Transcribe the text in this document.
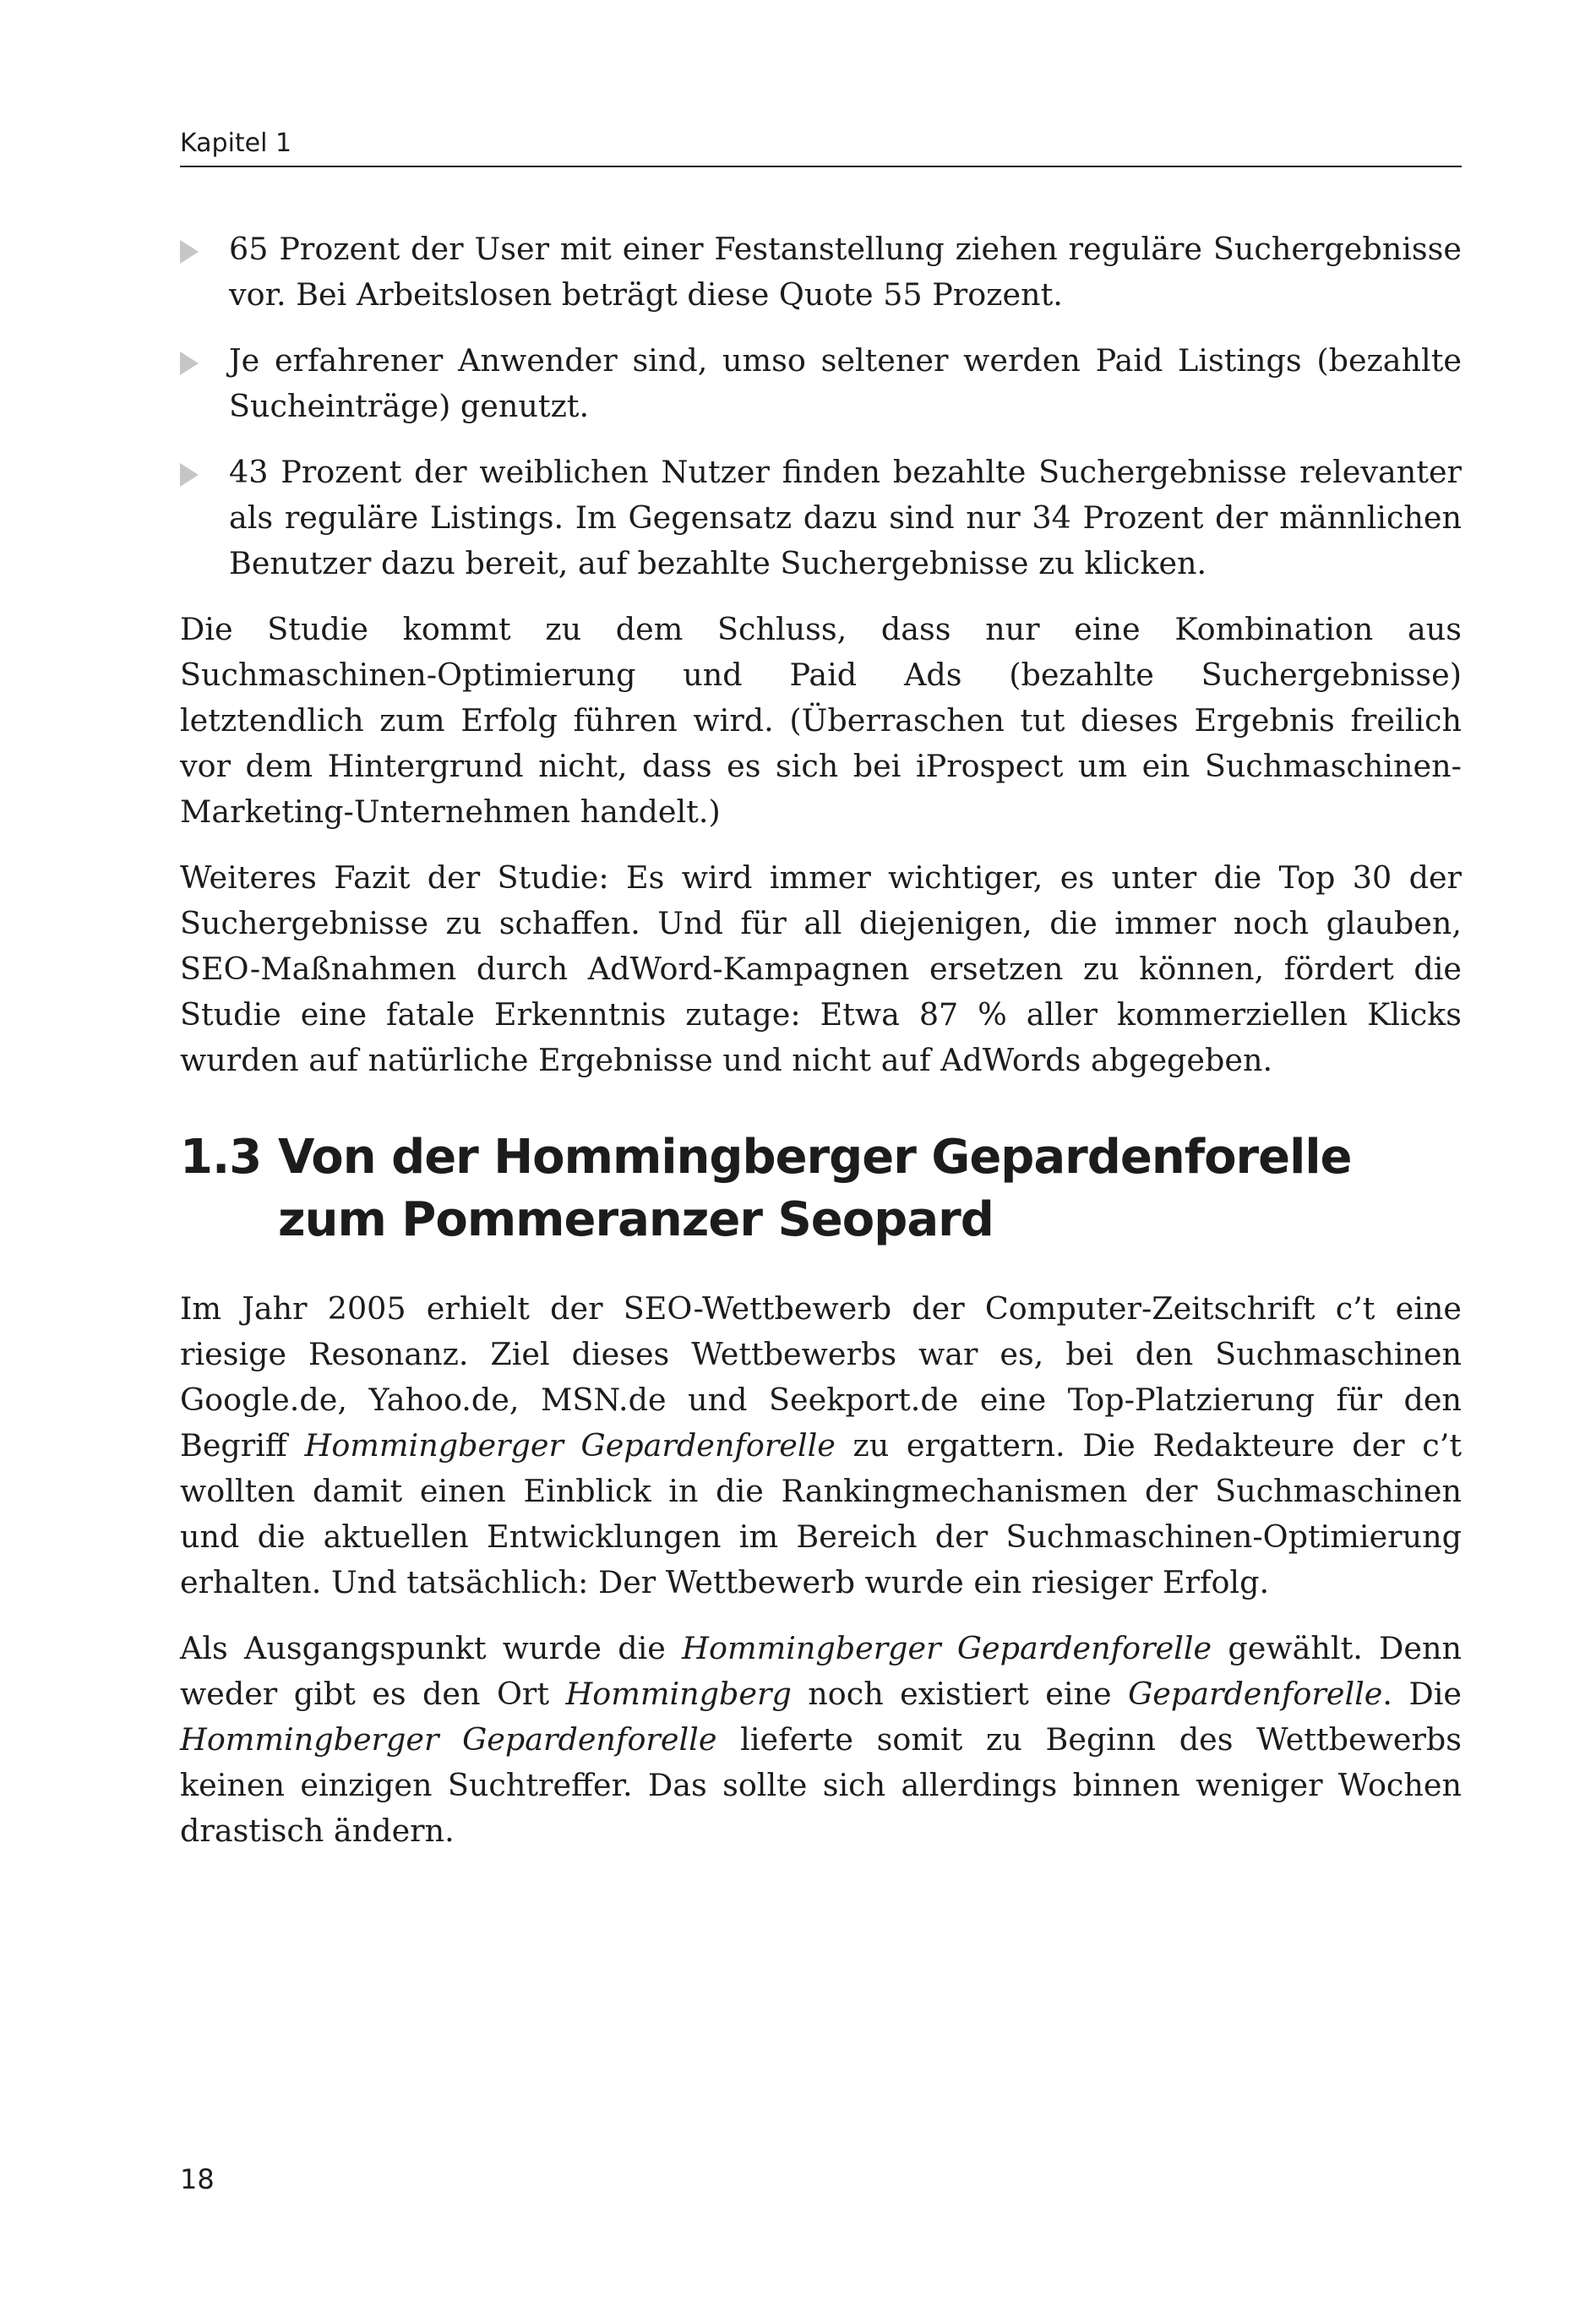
Kapitel 1
65 Prozent der User mit einer Festanstellung ziehen reguläre Suchergebnisse vor. Bei Arbeitslosen beträgt diese Quote 55 Prozent.
Je erfahrener Anwender sind, umso seltener werden Paid Listings (bezahlte Sucheinträge) genutzt.
43 Prozent der weiblichen Nutzer finden bezahlte Suchergebnisse relevanter als reguläre Listings. Im Gegensatz dazu sind nur 34 Prozent der männlichen Benutzer dazu bereit, auf bezahlte Suchergebnisse zu klicken.

Die Studie kommt zu dem Schluss, dass nur eine Kombination aus Suchmaschinen-Optimierung und Paid Ads (bezahlte Suchergebnisse) letztendlich zum Erfolg führen wird. (Überraschen tut dieses Ergebnis freilich vor dem Hintergrund nicht, dass es sich bei iProspect um ein Suchmaschinen-Marketing-Unternehmen handelt.)

Weiteres Fazit der Studie: Es wird immer wichtiger, es unter die Top 30 der Suchergebnisse zu schaffen. Und für all diejenigen, die immer noch glauben, SEO-Maßnahmen durch AdWord-Kampagnen ersetzen zu können, fördert die Studie eine fatale Erkenntnis zutage: Etwa 87 % aller kommerziellen Klicks wurden auf natürliche Ergebnisse und nicht auf AdWords abgegeben.

1.3 Von der Hommingberger Gepardenforelle zum Pommeranzer Seopard

Im Jahr 2005 erhielt der SEO-Wettbewerb der Computer-Zeitschrift c’t eine riesige Resonanz. Ziel dieses Wettbewerbs war es, bei den Suchmaschinen Google.de, Yahoo.de, MSN.de und Seekport.de eine Top-Platzierung für den Begriff Hommingberger Gepardenforelle zu ergattern. Die Redakteure der c’t wollten damit einen Einblick in die Rankingmechanismen der Suchmaschinen und die aktuellen Entwicklungen im Bereich der Suchmaschinen-Optimierung erhalten. Und tatsächlich: Der Wettbewerb wurde ein riesiger Erfolg.

Als Ausgangspunkt wurde die Hommingberger Gepardenforelle gewählt. Denn weder gibt es den Ort Hommingberg noch existiert eine Gepardenforelle. Die Hommingberger Gepardenforelle lieferte somit zu Beginn des Wettbewerbs keinen einzigen Suchtreffer. Das sollte sich allerdings binnen weniger Wochen drastisch ändern.

18
